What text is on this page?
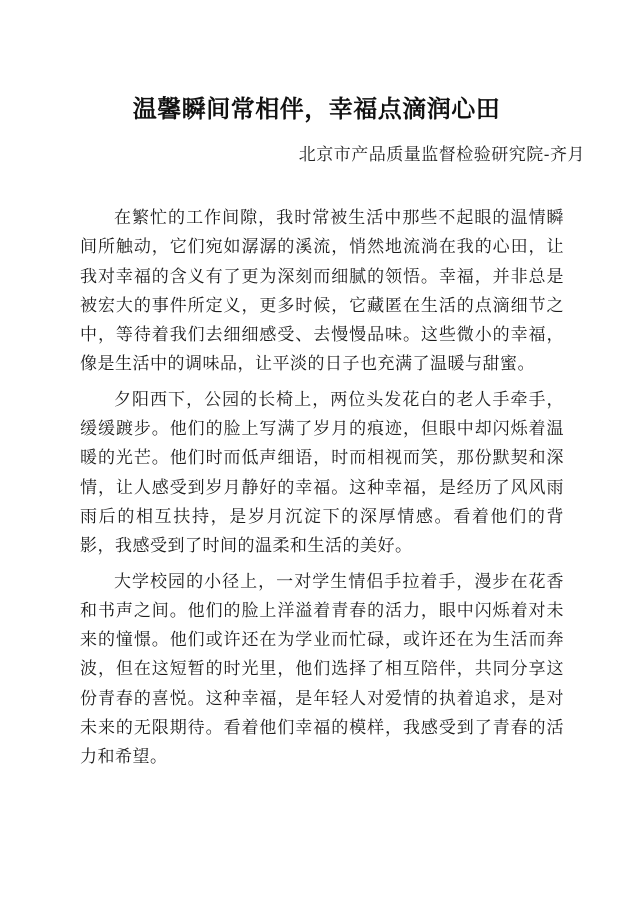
温馨瞬间常相伴，幸福点滴润心田
北京市产品质量监督检验研究院-齐月

在繁忙的工作间隙，我时常被生活中那些不起眼的温情瞬间所触动，它们宛如潺潺的溪流，悄然地流淌在我的心田，让我对幸福的含义有了更为深刻而细腻的领悟。幸福，并非总是被宏大的事件所定义，更多时候，它藏匿在生活的点滴细节之中，等待着我们去细细感受、去慢慢品味。这些微小的幸福，像是生活中的调味品，让平淡的日子也充满了温暖与甜蜜。

夕阳西下，公园的长椅上，两位头发花白的老人手牵手，缓缓踱步。他们的脸上写满了岁月的痕迹，但眼中却闪烁着温暖的光芒。他们时而低声细语，时而相视而笑，那份默契和深情，让人感受到岁月静好的幸福。这种幸福，是经历了风风雨雨后的相互扶持，是岁月沉淀下的深厚情感。看着他们的背影，我感受到了时间的温柔和生活的美好。

大学校园的小径上，一对学生情侣手拉着手，漫步在花香和书声之间。他们的脸上洋溢着青春的活力，眼中闪烁着对未来的憧憬。他们或许还在为学业而忙碌，或许还在为生活而奔波，但在这短暂的时光里，他们选择了相互陪伴，共同分享这份青春的喜悦。这种幸福，是年轻人对爱情的执着追求，是对未来的无限期待。看着他们幸福的模样，我感受到了青春的活力和希望。
